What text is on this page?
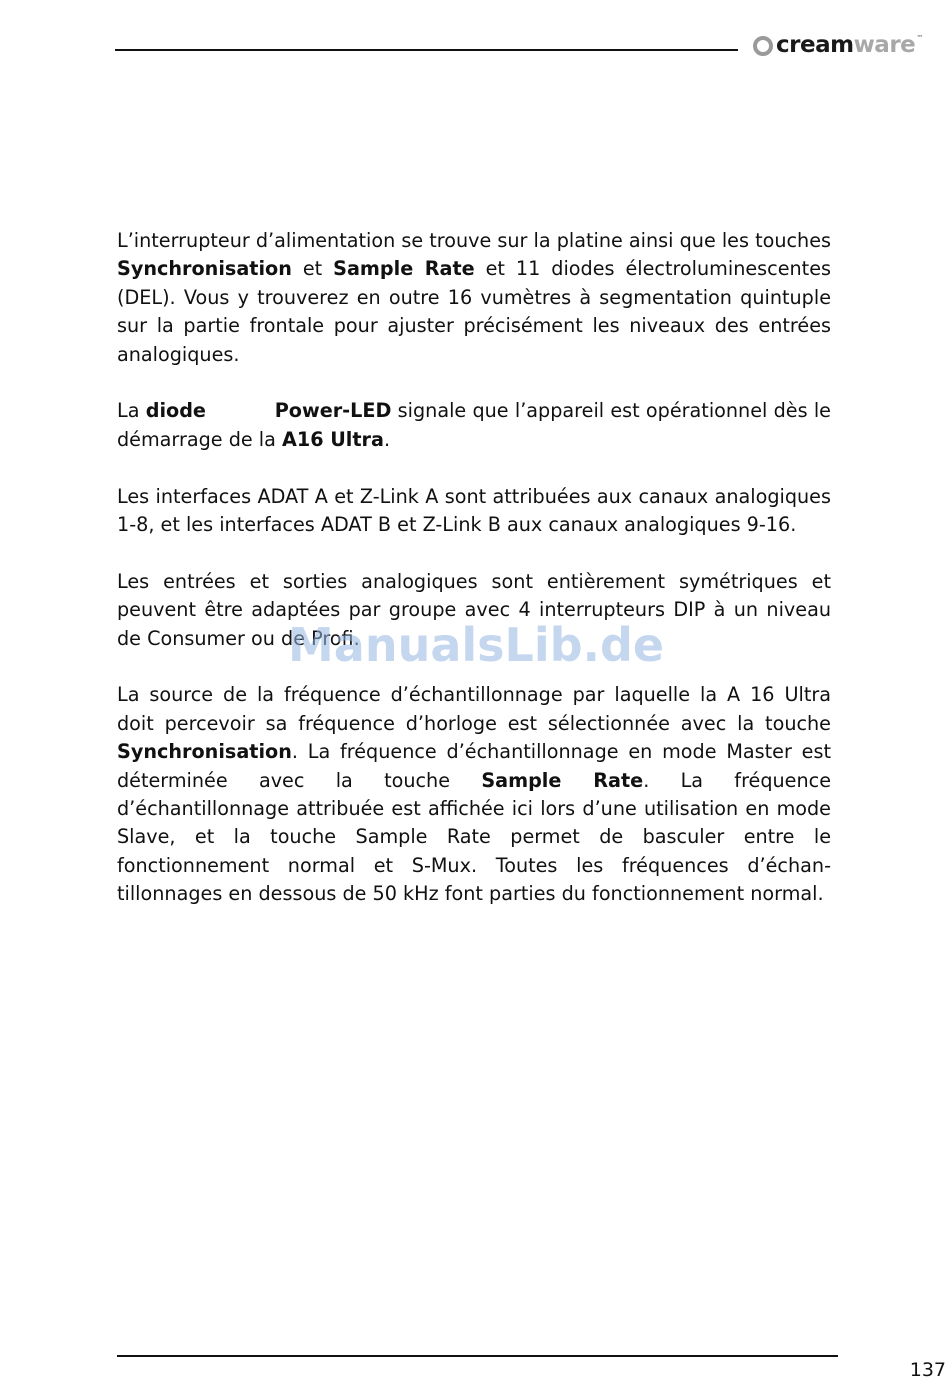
cream ware ™

L’interrupteur d’alimentation se trouve sur la platine ainsi que les touches Synchronisation et Sample Rate et 11 diodes électroluminescentes (DEL). Vous y trouverez en outre 16 vumètres à segmentation quintuple sur la partie frontale pour ajuster précisément les niveaux des entrées analogiques.

La diode	Power-LED signale que l’appareil est opérationnel dès le démarrage de la A16 Ultra.

Les interfaces ADAT A et Z-Link A sont attribuées aux canaux analogiques 1-8, et les interfaces ADAT B et Z-Link B aux canaux analogiques 9-16.

Les entrées et sorties analogiques sont entièrement symétriques et peuvent être adaptées par groupe avec 4 interrupteurs DIP à un niveau de Consumer ou de Profi.

La source de la fréquence d’échantillonnage par laquelle la A 16 Ultra doit percevoir sa fréquence d’horloge est sélectionnée avec la touche Synchronisation. La fréquence d’échantillonnage en mode Master est déterminée avec la touche Sample Rate. La fréquence d’échantillonnage attribuée est affichée ici lors d’une utilisation en mode Slave, et la touche Sample Rate permet de basculer entre le fonctionnement normal et S-Mux. Toutes les fréquences d’échantillonnages en dessous de 50 kHz font parties du fonctionnement normal.

ManualsLib.de
137
